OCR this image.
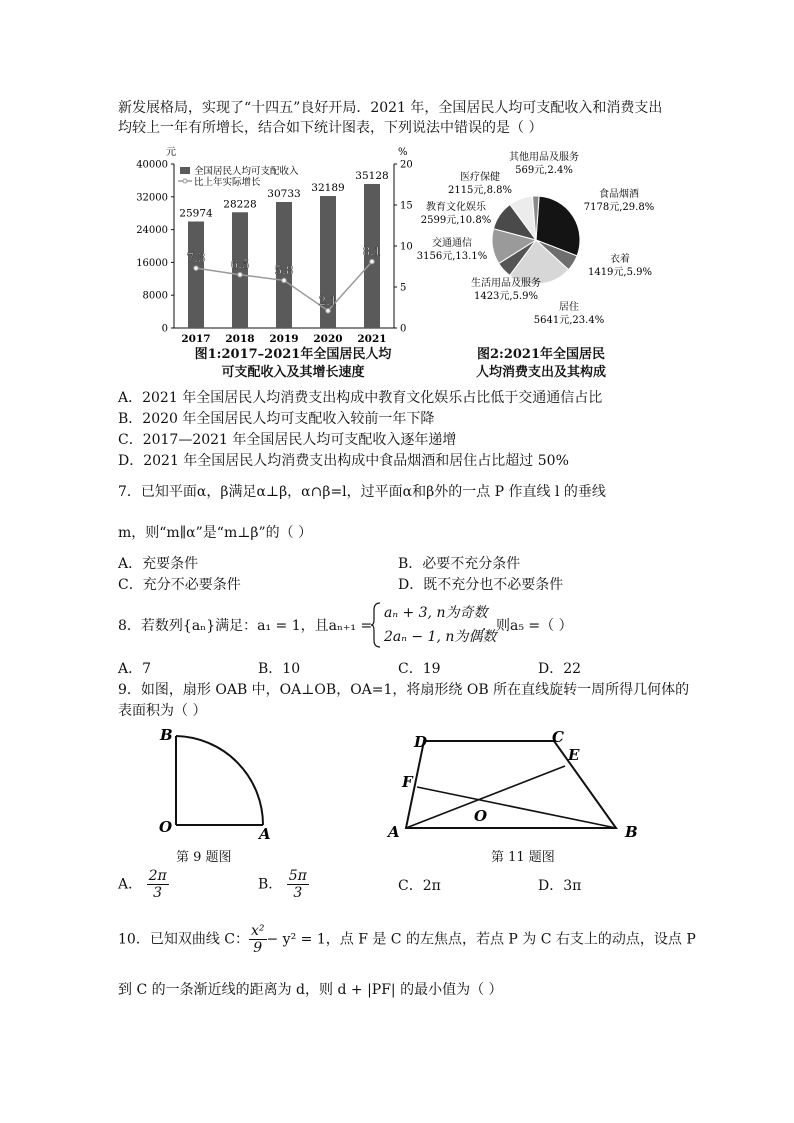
新发展格局，实现了“十四五”良好开局．2021 年，全国居民人均可支配收入和消费支出
均较上一年有所增长，结合如下统计图表，下列说法中错误的是（ ）
元	%
0
8000
16000
24000
32000
40000
0
5
10
15
20
25974
2017
28228
2018
30733
2019
32189
2020
35128
2021
7.3 6.5 5.8
2.1
8.1
全国居民人均可支配收入
比上年实际增长
图1:2017–2021年全国居民人均
可支配收入及其增长速度
食品烟酒
7178元,29.8%
衣着
1419元,5.9%
居住
5641元,23.4%
生活用品及服务
1423元,5.9%
交通通信
3156元,13.1%
教育文化娱乐
2599元,10.8%
医疗保健
2115元,8.8%
其他用品及服务
569元,2.4%
图2:2021年全国居民
人均消费支出及其构成
A．2021 年全国居民人均消费支出构成中教育文化娱乐占比低于交通通信占比
B．2020 年全国居民人均可支配收入较前一年下降
C．2017—2021 年全国居民人均可支配收入逐年递增
D．2021 年全国居民人均消费支出构成中食品烟酒和居住占比超过 50%
7．已知平面α，β满足α⊥β，α∩β=l，过平面α和β外的一点 P 作直线 l 的垂线
m，则“m∥α”是“m⊥β”的（ ）
A．充要条件	B．必要不充分条件
C．充分不必要条件	D．既不充分也不必要条件
8．若数列{aₙ}满足：a₁ = 1，且aₙ₊₁ =
aₙ + 3, n为奇数
2aₙ − 1, n为偶数
．则a₅ =（ ）
A．7	B．10	C．19	D．22
9．如图，扇形 OAB 中，OA⊥OB，OA=1，将扇形绕 OB 所在直线旋转一周所得几何体的
表面积为（ ）
O	A
B
第 9 题图
A	B
C
D
E
F
O
第 11 题图
A． $\frac{2\pi}{3}$	B． $\frac{5\pi}{3}$	C．2π	D．3π
10．已知双曲线 C： $\frac{\text{x²}}{9} - y^2 = 1$，点 F 是 C 的左焦点，若点 P 为 C 右支上的动点，设点 P
到 C 的一条渐近线的距离为 d，则 d + |PF| 的最小值为（ ）
